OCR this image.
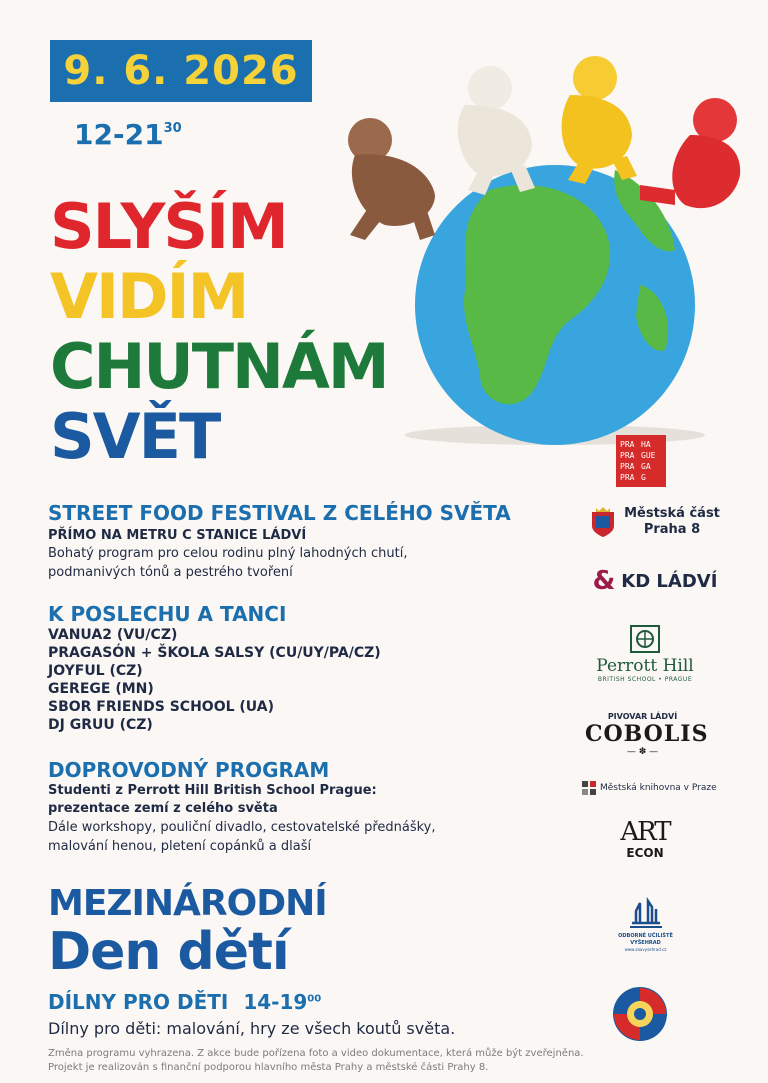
9. 6. 2026
$12-21^{30}$
SLYŠÍM
VIDÍM
CHUTNÁM
SVĚT
STREET FOOD FESTIVAL Z CELÉHO SVĚTA
PŘÍMO NA METRU C STANICE LÁDVÍ
Bohatý program pro celou rodinu plný lahodných chutí,
podmanivých tónů a pestrého tvoření
K POSLECHU A TANCI
VANUA2 (VU/CZ)
PRAGASÓN + ŠKOLA SALSY (CU/UY/PA/CZ)
JOYFUL (CZ)
GEREGE (MN)
SBOR FRIENDS SCHOOL (UA)
DJ GRUU (CZ)
DOPROVODNÝ PROGRAM
Studenti z Perrott Hill British School Prague:
prezentace zemí z celého světa
Dále workshopy, pouliční divadlo, cestovatelské přednášky,
malování henou, pletení copánků a dlaší
MEZINÁRODNÍ
Den dětí
DÍLNY PRO DĚTI $14-19^{00}$
Dílny pro děti: malování, hry ze všech koutů světa.
Změna programu vyhrazena. Z akce bude pořízena foto a video dokumentace, která může být zveřejněna.
Projekt je realizován s finanční podporou hlavního města Prahy a městské části Prahy 8.
PRA HA
PRA GUE
PRA GA
PRA G
Městská část
Praha 8
& KD LÁDVÍ
Perrott Hill
BRITISH SCHOOL • PRAGUE
PIVOVAR LÁDVÍ
COBOLIS
— ✽ —
Městská knihovna v Praze
ART
ECON
ODBORNÉ UČILIŠTĚ
VYŠEHRAD
www.zaavysehrad.cz
